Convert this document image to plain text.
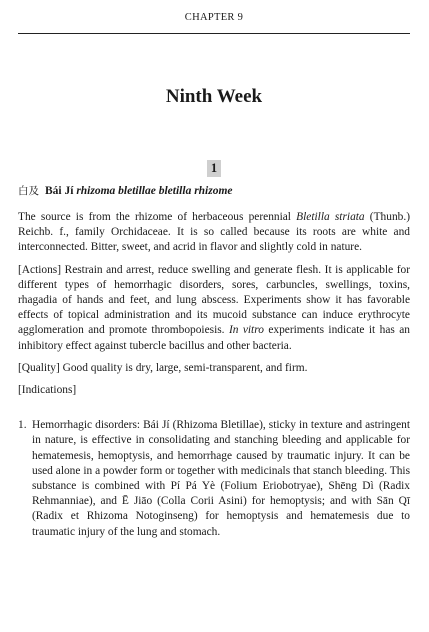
CHAPTER 9
Ninth Week
1
白及 Bái Jí rhizoma bletillae bletilla rhizome

The source is from the rhizome of herbaceous perennial Bletilla striata (Thunb.) Reichb. f., family Orchidaceae. It is so called because its roots are white and interconnected. Bitter, sweet, and acrid in flavor and slightly cold in nature.

[Actions] Restrain and arrest, reduce swelling and generate flesh. It is applicable for different types of hemorrhagic disorders, sores, carbuncles, swellings, toxins, rhagadia of hands and feet, and lung abscess. Experiments show it has favorable effects of topical administration and its mucoid substance can induce erythrocyte agglomeration and promote thrombopoiesis. In vitro experiments indicate it has an inhibitory effect against tubercle bacillus and other bacteria.

[Quality] Good quality is dry, large, semi-transparent, and firm.

[Indications]

1. Hemorrhagic disorders: Bái Jí (Rhizoma Bletillae), sticky in texture and astringent in nature, is effective in consolidating and stanching bleeding and applicable for hematemesis, hemoptysis, and hemorrhage caused by traumatic injury. It can be used alone in a powder form or together with medicinals that stanch bleeding. This substance is combined with Pí Pá Yè (Folium Eriobotryae), Shēng Dì (Radix Rehmanniae), and Ē Jiāo (Colla Corii Asini) for hemoptysis; and with Sān Qī (Radix et Rhizoma Notoginseng) for hemoptysis and hematemesis due to traumatic injury of the lung and stomach.
